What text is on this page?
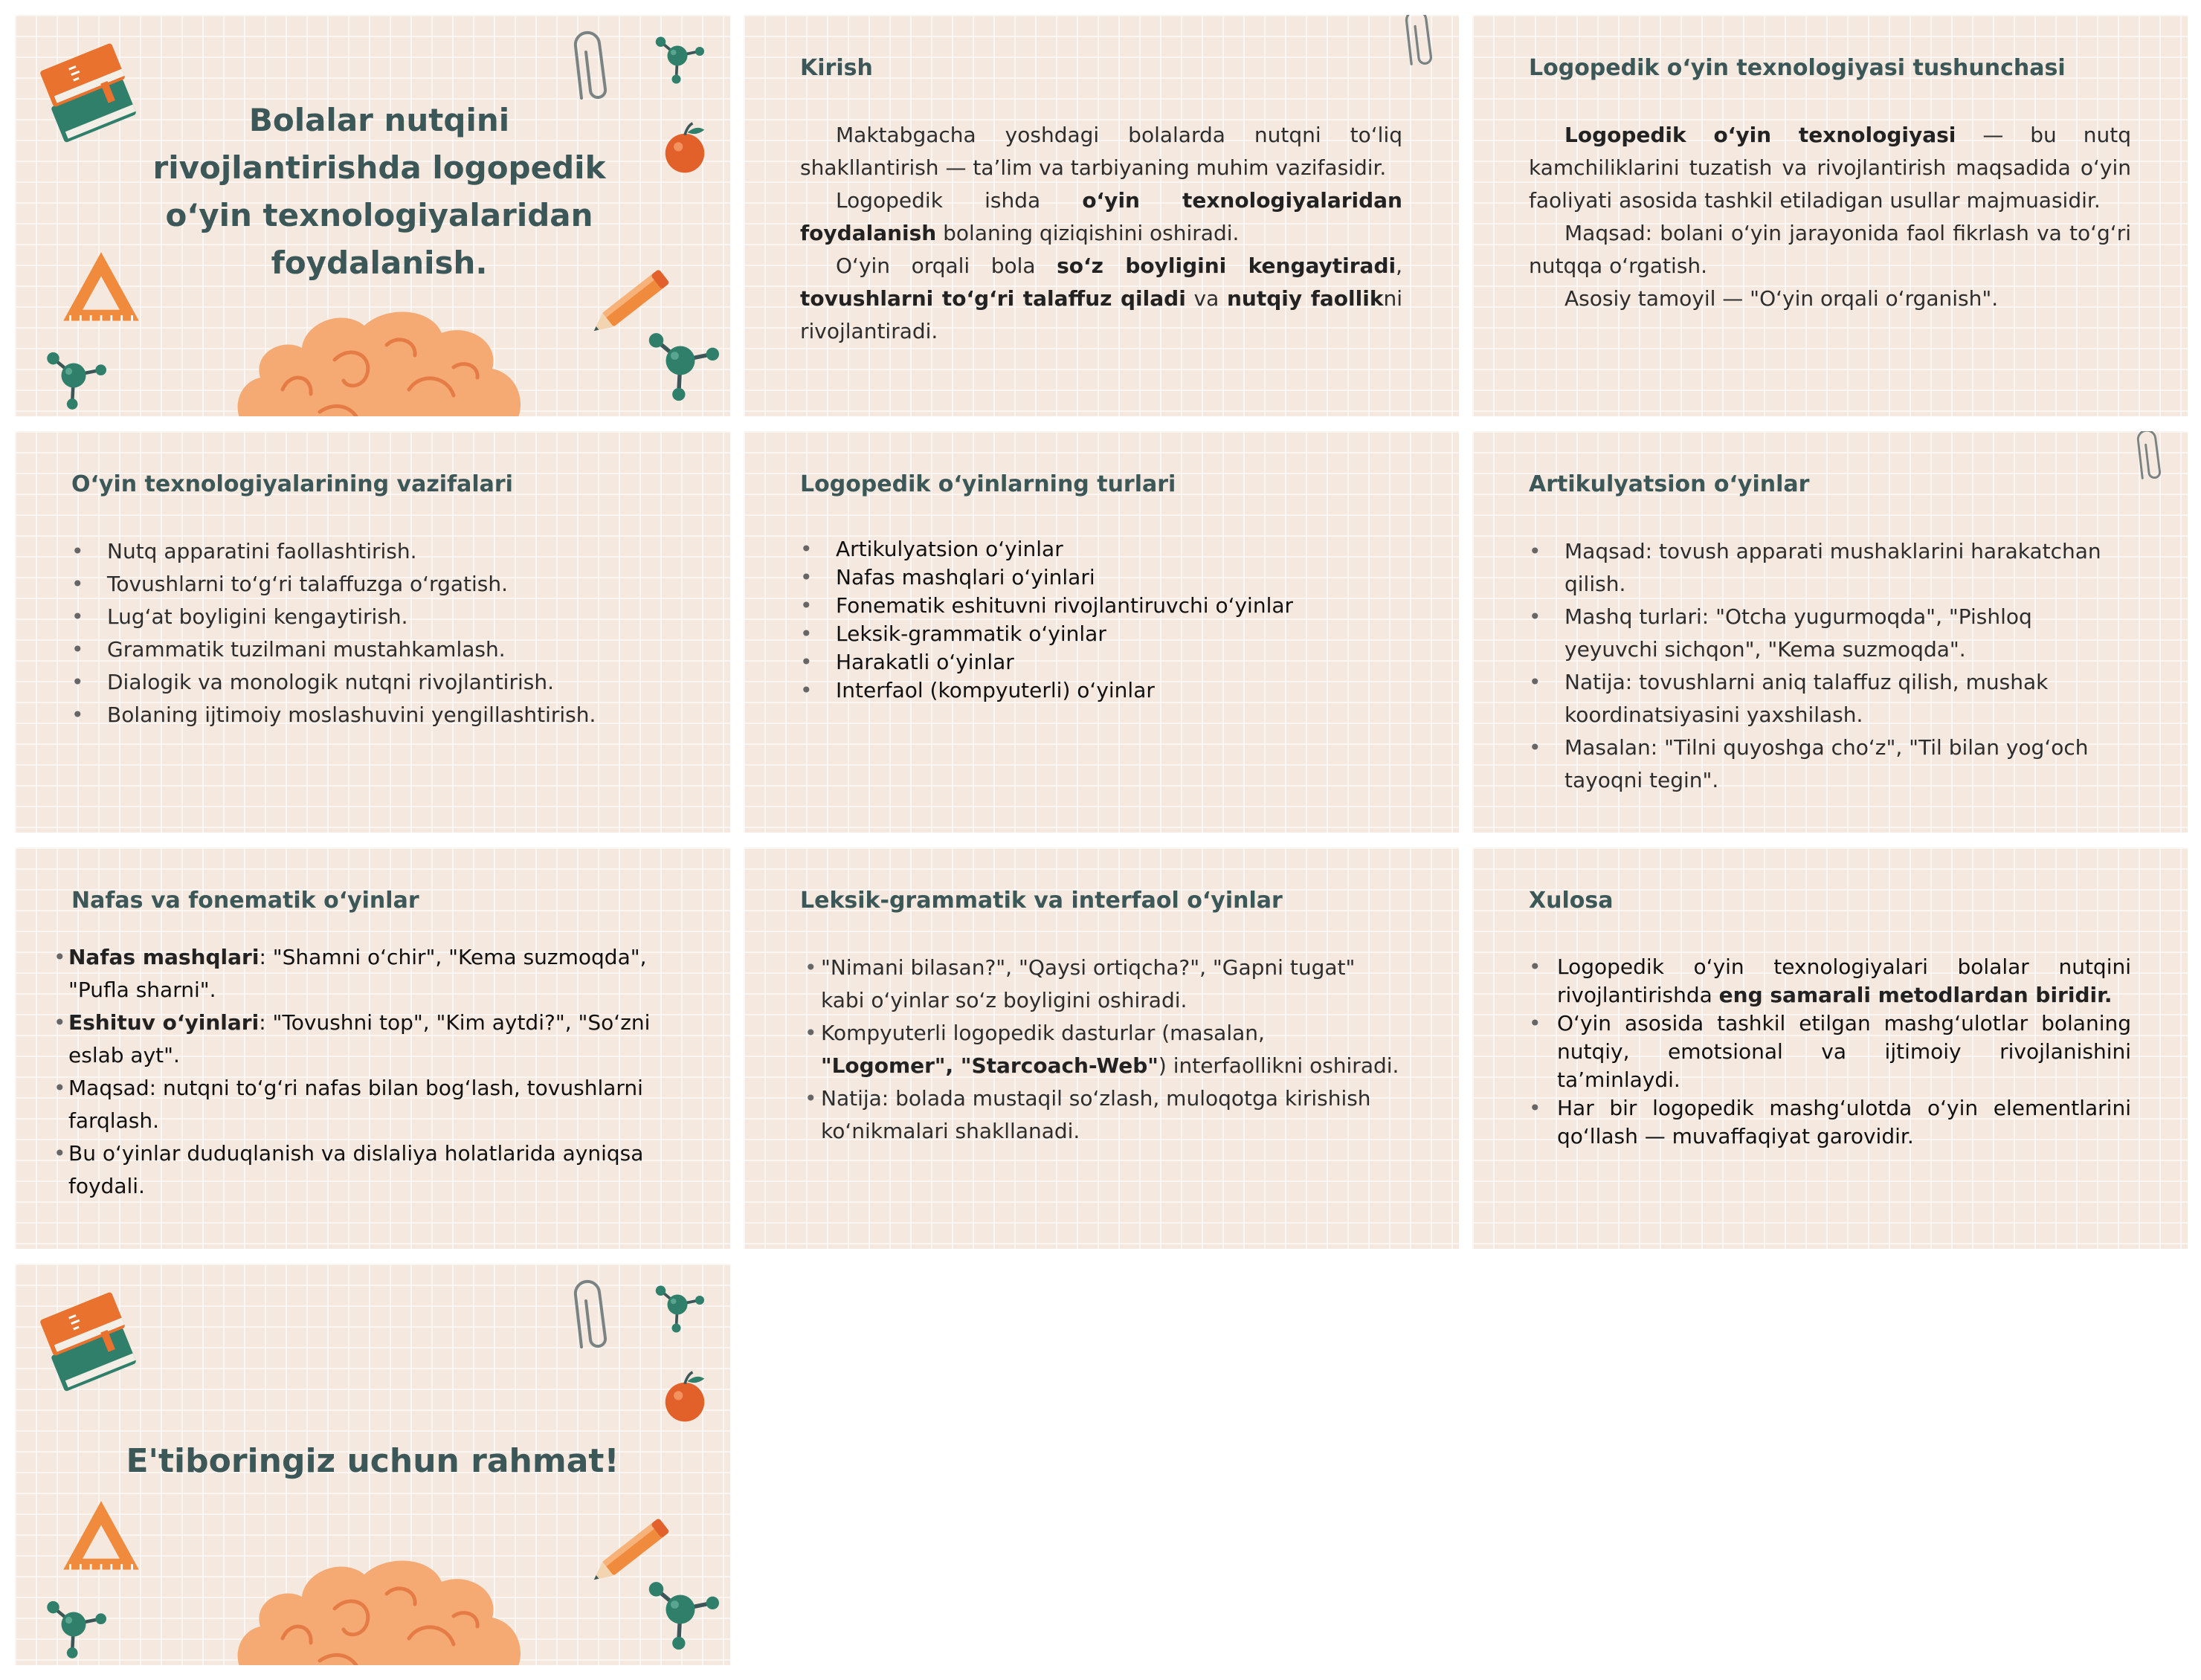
Bolalar nutqini rivojlantirishda logopedik o‘yin texnologiyalaridan foydalanish.
Kirish

Maktabgacha yoshdagi bolalarda nutqni to‘liq shakllantirish — ta’lim va tarbiyaning muhim vazifasidir.

Logopedik ishda o‘yin texnologiyalaridan foydalanish bolaning qiziqishini oshiradi.

O‘yin orqali bola so‘z boyligini kengaytiradi, tovushlarni to‘g‘ri talaffuz qiladi va nutqiy faollikni rivojlantiradi.

Logopedik o‘yin texnologiyasi tushunchasi

Logopedik o‘yin texnologiyasi — bu nutq kamchiliklarini tuzatish va rivojlantirish maqsadida o‘yin faoliyati asosida tashkil etiladigan usullar majmuasidir.

Maqsad: bolani o‘yin jarayonida faol fikrlash va to‘g‘ri nutqqa o‘rgatish.

Asosiy tamoyil — "O‘yin orqali o‘rganish".

O‘yin texnologiyalarining vazifalari
• Nutq apparatini faollashtirish.
• Tovushlarni to‘g‘ri talaffuzga o‘rgatish.
• Lug‘at boyligini kengaytirish.
• Grammatik tuzilmani mustahkamlash.
• Dialogik va monologik nutqni rivojlantirish.
• Bolaning ijtimoiy moslashuvini yengillashtirish.
Logopedik o‘yinlarning turlari
• Artikulyatsion o‘yinlar
• Nafas mashqlari o‘yinlari
• Fonematik eshituvni rivojlantiruvchi o‘yinlar
• Leksik-grammatik o‘yinlar
• Harakatli o‘yinlar
• Interfaol (kompyuterli) o‘yinlar
Artikulyatsion o‘yinlar
• Maqsad: tovush apparati mushaklarini harakatchan qilish.
• Mashq turlari: "Otcha yugurmoqda", "Pishloq yeyuvchi sichqon", "Kema suzmoqda".
• Natija: tovushlarni aniq talaffuz qilish, mushak koordinatsiyasini yaxshilash.
• Masalan: "Tilni quyoshga cho‘z", "Til bilan yog‘och tayoqni tegin".
Nafas va fonematik o‘yinlar
• Nafas mashqlari: "Shamni o‘chir", "Kema suzmoqda", "Pufla sharni".
• Eshituv o‘yinlari: "Tovushni top", "Kim aytdi?", "So‘zni eslab ayt".
• Maqsad: nutqni to‘g‘ri nafas bilan bog‘lash, tovushlarni farqlash.
• Bu o‘yinlar duduqlanish va dislaliya holatlarida ayniqsa foydali.
Leksik-grammatik va interfaol o‘yinlar
• "Nimani bilasan?", "Qaysi ortiqcha?", "Gapni tugat" kabi o‘yinlar so‘z boyligini oshiradi.
• Kompyuterli logopedik dasturlar (masalan, "Logomer", "Starcoach-Web") interfaollikni oshiradi.
• Natija: bolada mustaqil so‘zlash, muloqotga kirishish ko‘nikmalari shakllanadi.
Xulosa
• Logopedik o‘yin texnologiyalari bolalar nutqini rivojlantirishda eng samarali metodlardan biridir.
• O‘yin asosida tashkil etilgan mashg‘ulotlar bolaning nutqiy, emotsional va ijtimoiy rivojlanishini ta’minlaydi.
• Har bir logopedik mashg‘ulotda o‘yin elementlarini qo‘llash — muvaffaqiyat garovidir.
E'tiboringiz uchun rahmat!
